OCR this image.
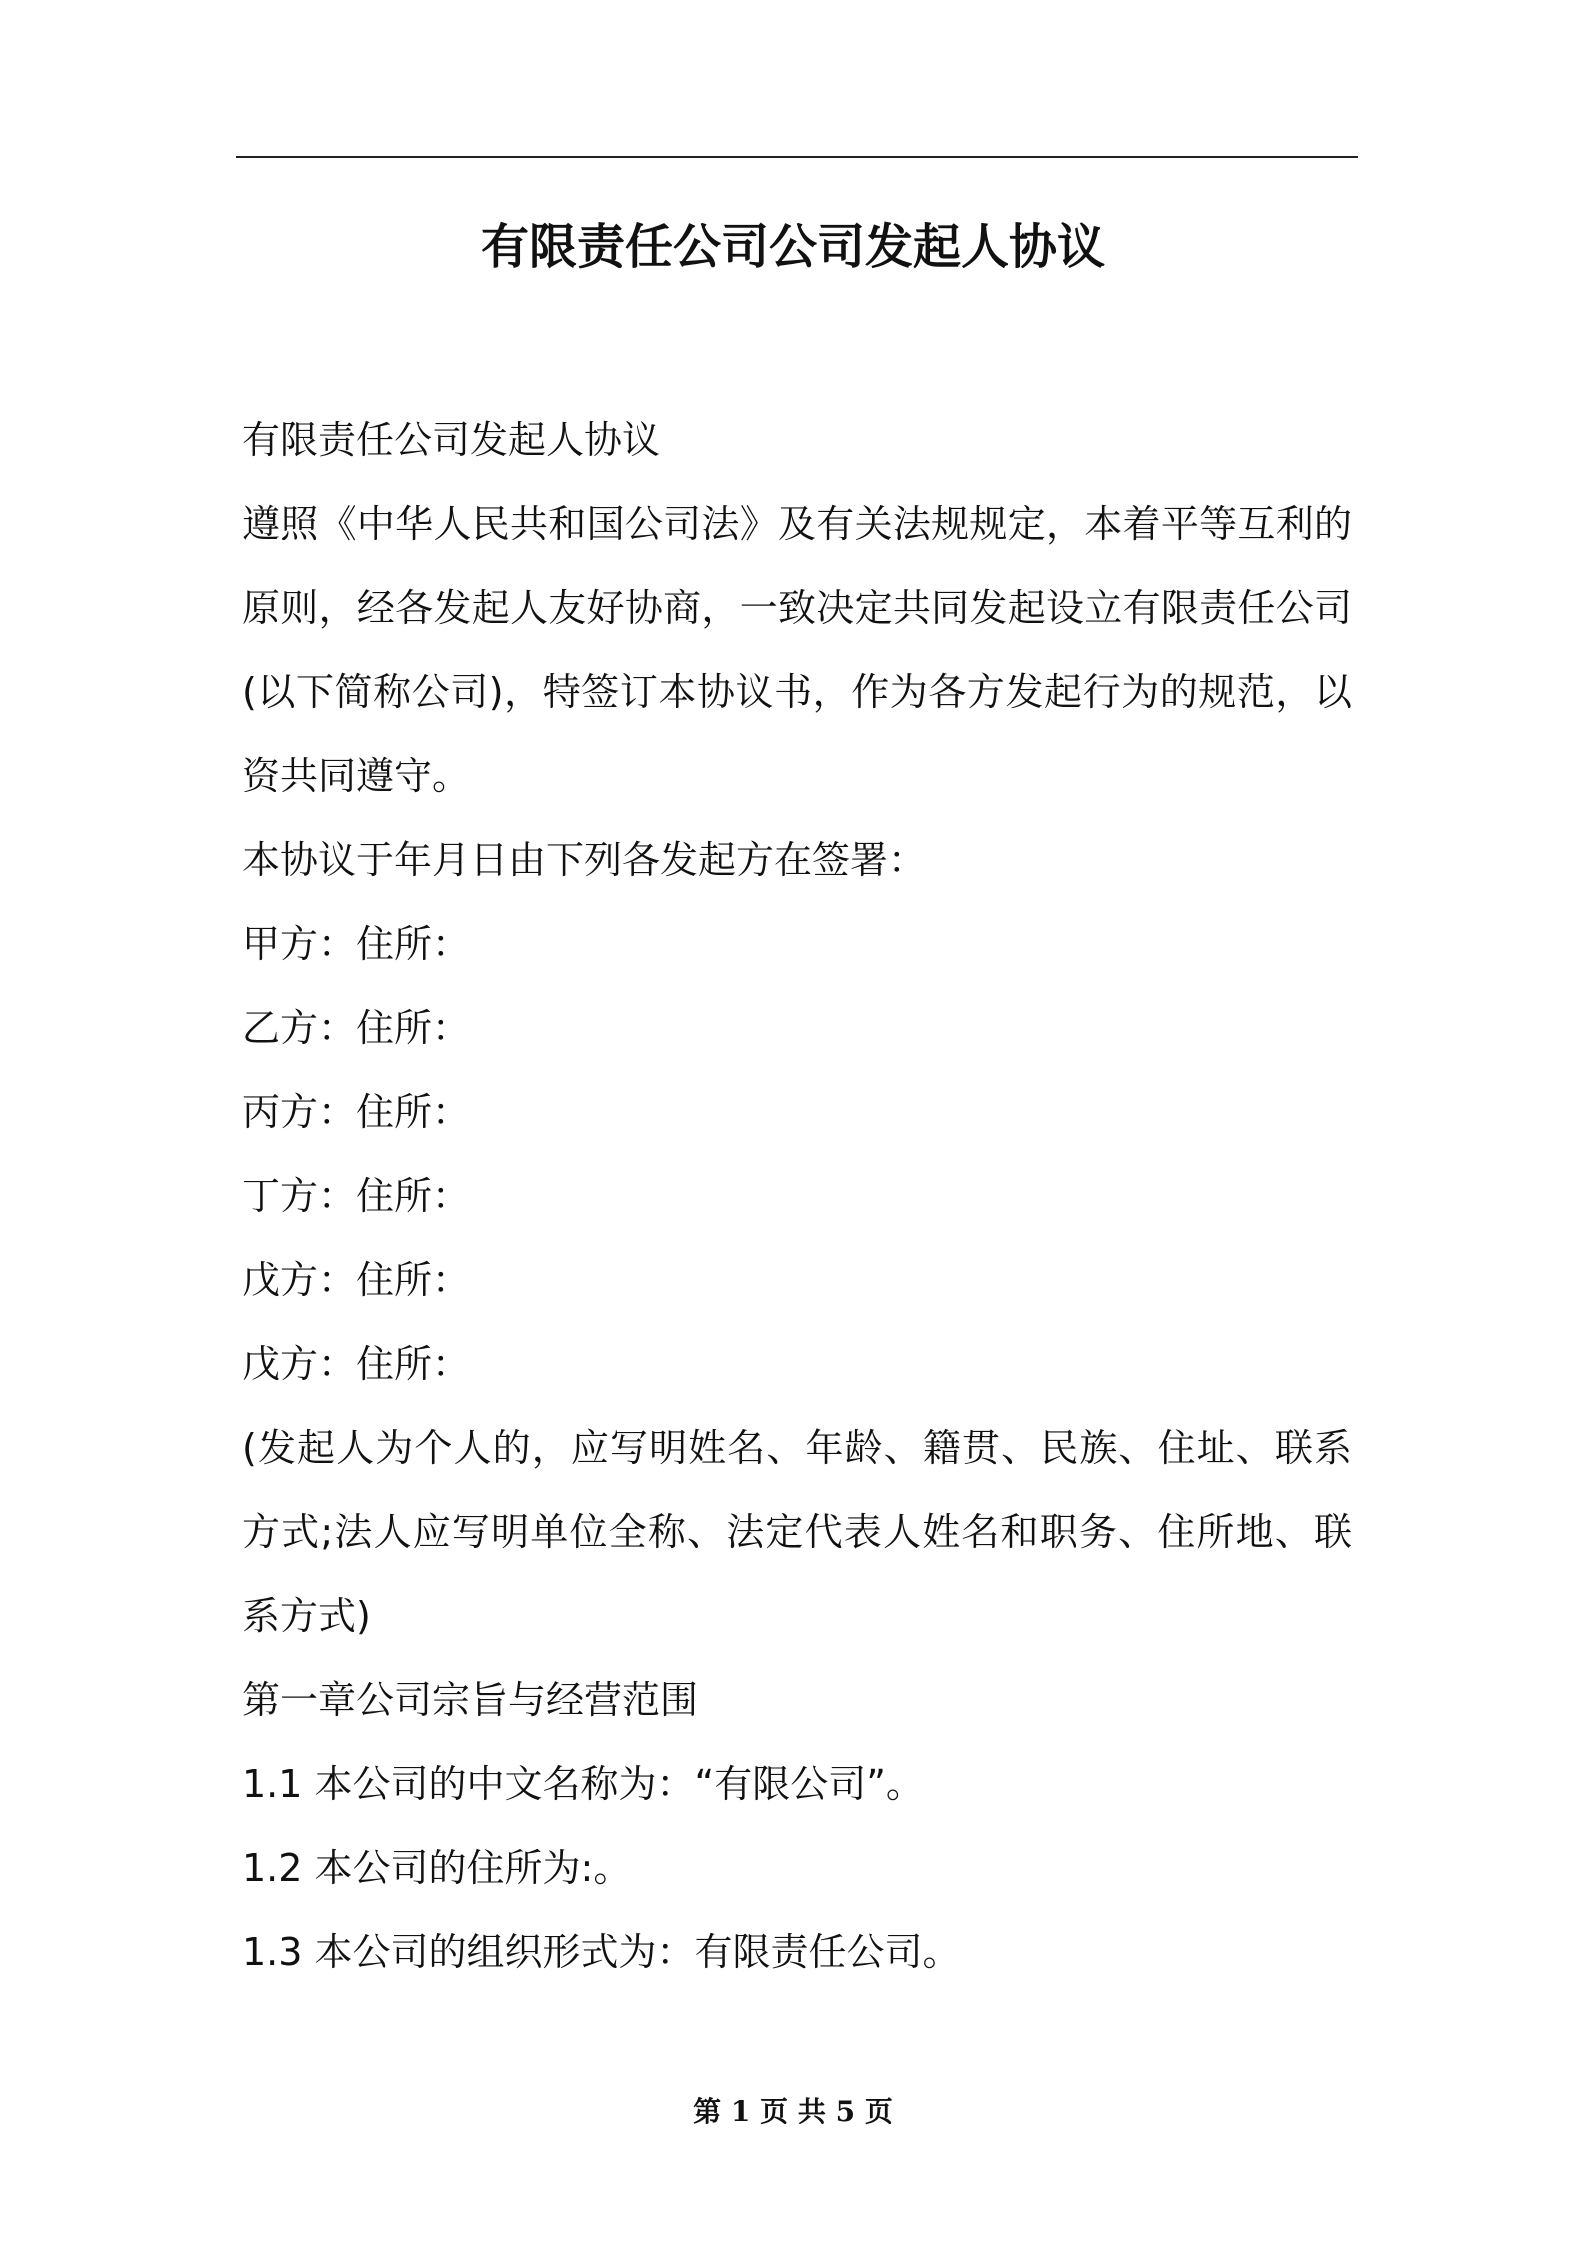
有限责任公司公司发起人协议

有限责任公司发起人协议

遵照《中华人民共和国公司法》及有关法规规定，本着平等互利的原则，经各发起人友好协商，一致决定共同发起设立有限责任公司(以下简称公司)，特签订本协议书，作为各方发起行为的规范，以资共同遵守。

本协议于年月日由下列各发起方在签署：

甲方：住所：

乙方：住所：

丙方：住所：

丁方：住所：

戊方：住所：

戊方：住所：

(发起人为个人的，应写明姓名、年龄、籍贯、民族、住址、联系方式;法人应写明单位全称、法定代表人姓名和职务、住所地、联系方式)

第一章公司宗旨与经营范围

1.1 本公司的中文名称为：“有限公司”。

1.2 本公司的住所为:。

1.3 本公司的组织形式为：有限责任公司。

第 1 页 共 5 页
